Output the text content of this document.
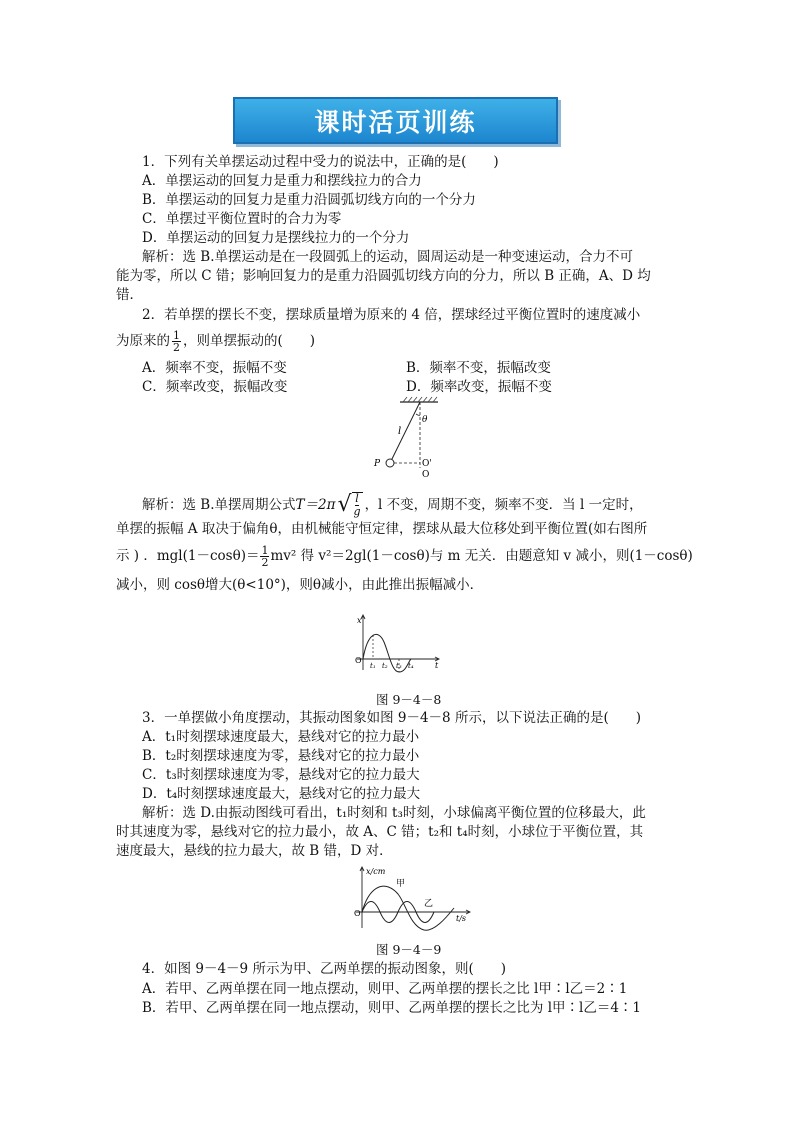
课时活页训练
1．下列有关单摆运动过程中受力的说法中，正确的是(　　)
A．单摆运动的回复力是重力和摆线拉力的合力
B．单摆运动的回复力是重力沿圆弧切线方向的一个分力
C．单摆过平衡位置时的合力为零
D．单摆运动的回复力是摆线拉力的一个分力
解析：选 B.单摆运动是在一段圆弧上的运动，圆周运动是一种变速运动，合力不可
能为零，所以 C 错；影响回复力的是重力沿圆弧切线方向的分力，所以 B 正确，A、D 均
错．
2．若单摆的摆长不变，摆球质量增为原来的 4 倍，摆球经过平衡位置时的速度减小
为原来的 $\frac{1}{2}$ ，则单摆振动的(　　)
A．频率不变，振幅不变	B．频率不变，振幅改变
C．频率改变，振幅改变	D．频率改变，振幅不变
l
θ
P	O'
O
解析：选 B.单摆周期公式 T＝2π √ $\frac{l}{g}$ ，l 不变，周期不变，频率不变．当 l 一定时，
单摆的振幅 A 取决于偏角θ，由机械能守恒定律，摆球从最大位移处到平衡位置(如右图所
示 ) ．$mgl(1-\cos\theta)= \frac{1}{2} mv^2$ 得 v²＝2gl(1－cosθ)与 m 无关．由题意知 v 减小，则(1－cosθ)
减小，则 cosθ增大(θ<10°)，则θ减小，由此推出振幅减小．
x
t
O
t₁ t₂ t₃ t₄
图 9－4－8
3．一单摆做小角度摆动，其振动图象如图 9－4－8 所示，以下说法正确的是(　　)
A．t₁时刻摆球速度最大，悬线对它的拉力最小
B．t₂时刻摆球速度为零，悬线对它的拉力最小
C．t₃时刻摆球速度为零，悬线对它的拉力最大
D．t₄时刻摆球速度最大，悬线对它的拉力最大
解析：选 D.由振动图线可看出，t₁时刻和 t₃时刻，小球偏离平衡位置的位移最大，此
时其速度为零，悬线对它的拉力最小，故 A、C 错；t₂和 t₄时刻，小球位于平衡位置，其
速度最大，悬线的拉力最大，故 B 错，D 对．
x/cm
t/s
O
甲
乙
图 9－4－9
4．如图 9－4－9 所示为甲、乙两单摆的振动图象，则(　　)
A．若甲、乙两单摆在同一地点摆动，则甲、乙两单摆的摆长之比 l甲∶l乙＝2∶1
B．若甲、乙两单摆在同一地点摆动，则甲、乙两单摆的摆长之比为 l甲∶l乙＝4∶1
